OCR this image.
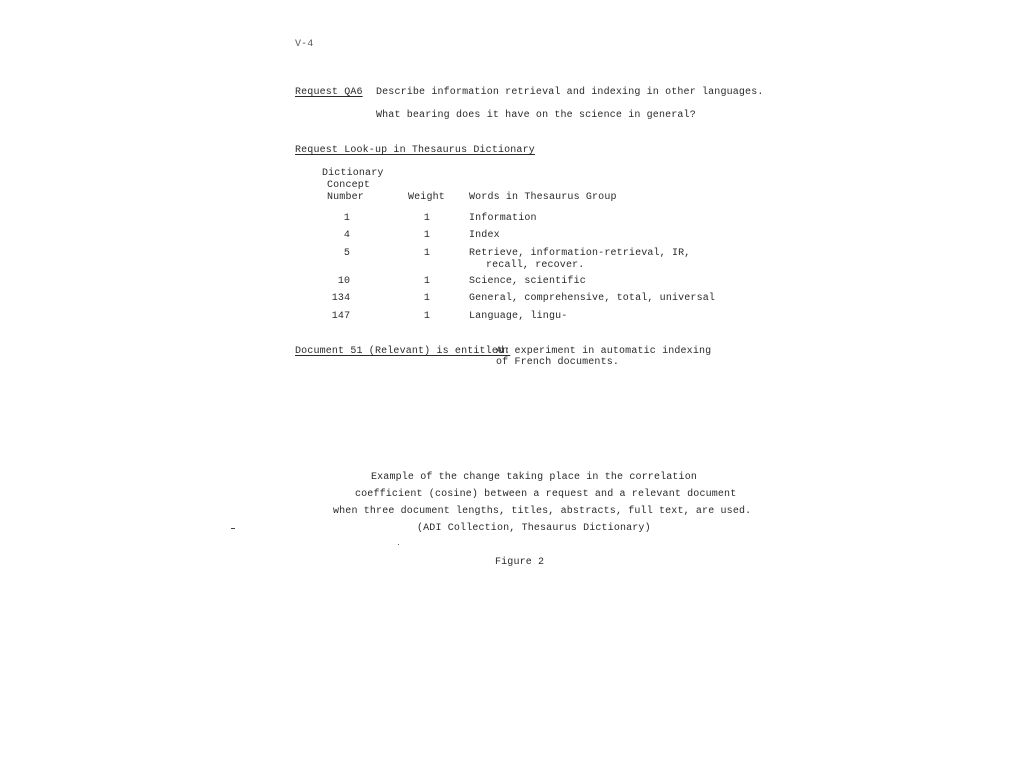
V-4
Request QA6 Describe information retrieval and indexing in other languages.
What bearing does it have on the science in general?
Request Look-up in Thesaurus Dictionary
Dictionary
Concept
Number	Weight Words in Thesaurus Group
1	1	Information
4	1	Index
5	1	Retrieve, information-retrieval, IR,
recall, recover.
10	1	Science, scientific
134	1	General, comprehensive, total, universal
147	1	Language, lingu-
Document 51 (Relevant) is entitled:
An experiment in automatic indexing
of French documents.
Example of the change taking place in the correlation
coefficient (cosine) between a request and a relevant document
when three document lengths, titles, abstracts, full text, are used.
(ADI Collection, Thesaurus Dictionary)
Figure 2
